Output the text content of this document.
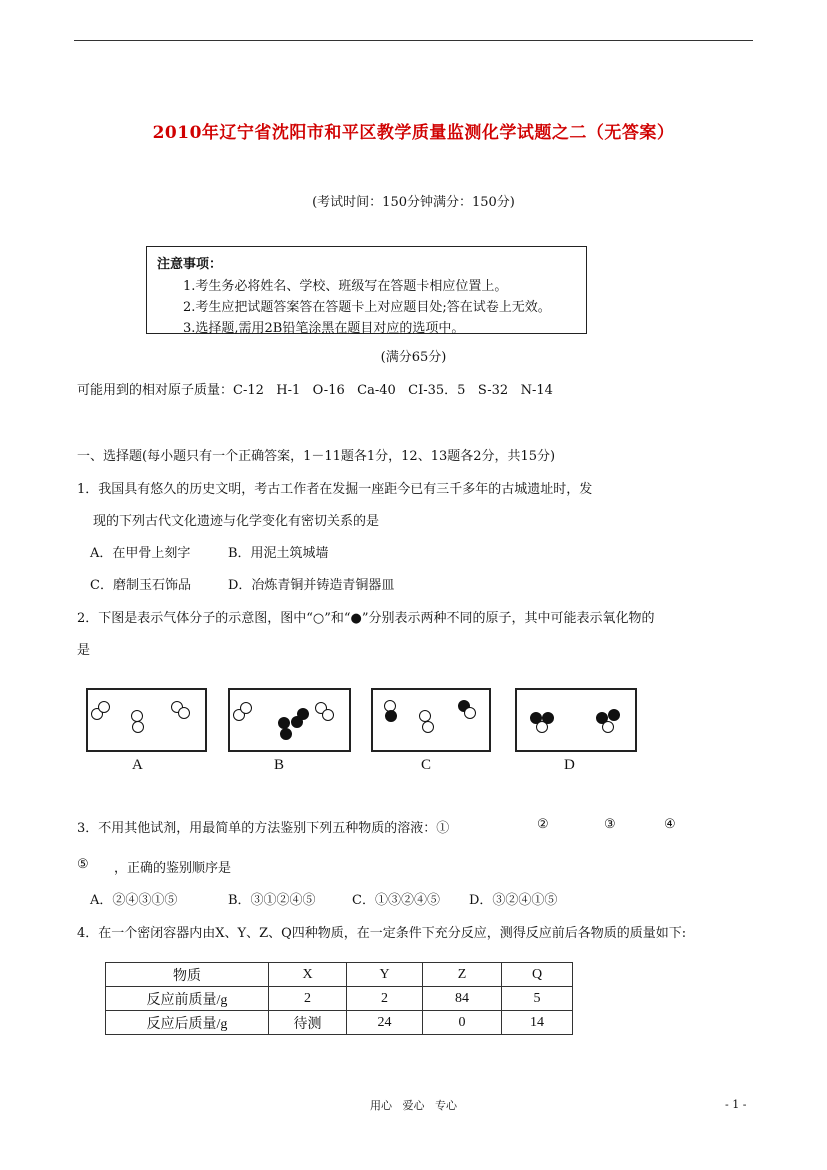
2010年辽宁省沈阳市和平区教学质量监测化学试题之二（无答案）
(考试时间：150分钟满分：150分)
注意事项：
1.考生务必将姓名、学校、班级写在答题卡相应位置上。
2.考生应把试题答案答在答题卡上对应题目处;答在试卷上无效。
3.选择题,需用2B铅笔涂黑在题目对应的选项中。
(满分65分)
可能用到的相对原子质量：C-12   H-1   O-16   Ca-40   CI-35．5   S-32   N-14
一、选择题(每小题只有一个正确答案，1－11题各1分，12、13题各2分，共15分)
1．我国具有悠久的历史文明，考古工作者在发掘一座距今已有三千多年的古城遗址时，发
现的下列古代文化遗迹与化学变化有密切关系的是
A．在甲骨上刻字	B．用泥土筑城墙
C．磨制玉石饰品	D．冶炼青铜并铸造青铜器皿
2．下图是表示气体分子的示意图，图中“○”和“●”分别表示两种不同的原子，其中可能表示氧化物的
是
A	B	C	D
3．不用其他试剂，用最简单的方法鉴别下列五种物质的溶液：①	②	③	④
⑤ ，正确的鉴别顺序是
A．②④③①⑤	B．③①②④⑤	C．①③②④⑤ D．③②④①⑤
4．在一个密闭容器内由X、Y、Z、Q四种物质，在一定条件下充分反应，测得反应前后各物质的质量如下:
物质	X	Y	Z	Q
反应前质量/g	2	2	84	5
反应后质量/g	待测	24	0	14
用心   爱心   专心	- 1 -
